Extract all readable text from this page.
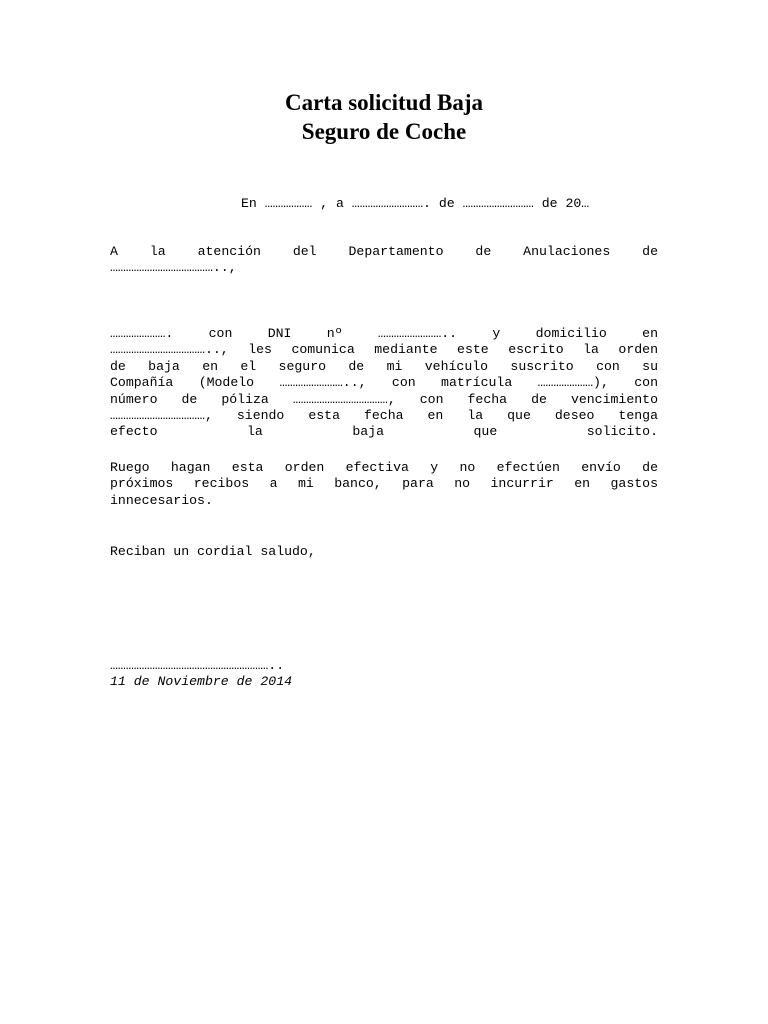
Carta solicitud Baja
Seguro de Coche
En ……………… , a ………………………. de ……………………… de 20…
A la atención del Departamento de Anulaciones de
…………………………………..,
…………………. con DNI nº …………………….. y domicilio en
……………………………….., les comunica mediante este escrito la orden
de baja en el seguro de mi vehículo suscrito con su
Compañía (Modelo …………………….., con matrícula …………………), con
número de póliza ………………………………, con fecha de vencimiento
………………………………, siendo esta fecha en la que deseo tenga
efecto la baja que solicito.
Ruego hagan esta orden efectiva y no efectúen envío de
próximos recibos a mi banco, para no incurrir en gastos
innecesarios.
Reciban un cordial saludo,
……………………………………………………..
11 de Noviembre de 2014
